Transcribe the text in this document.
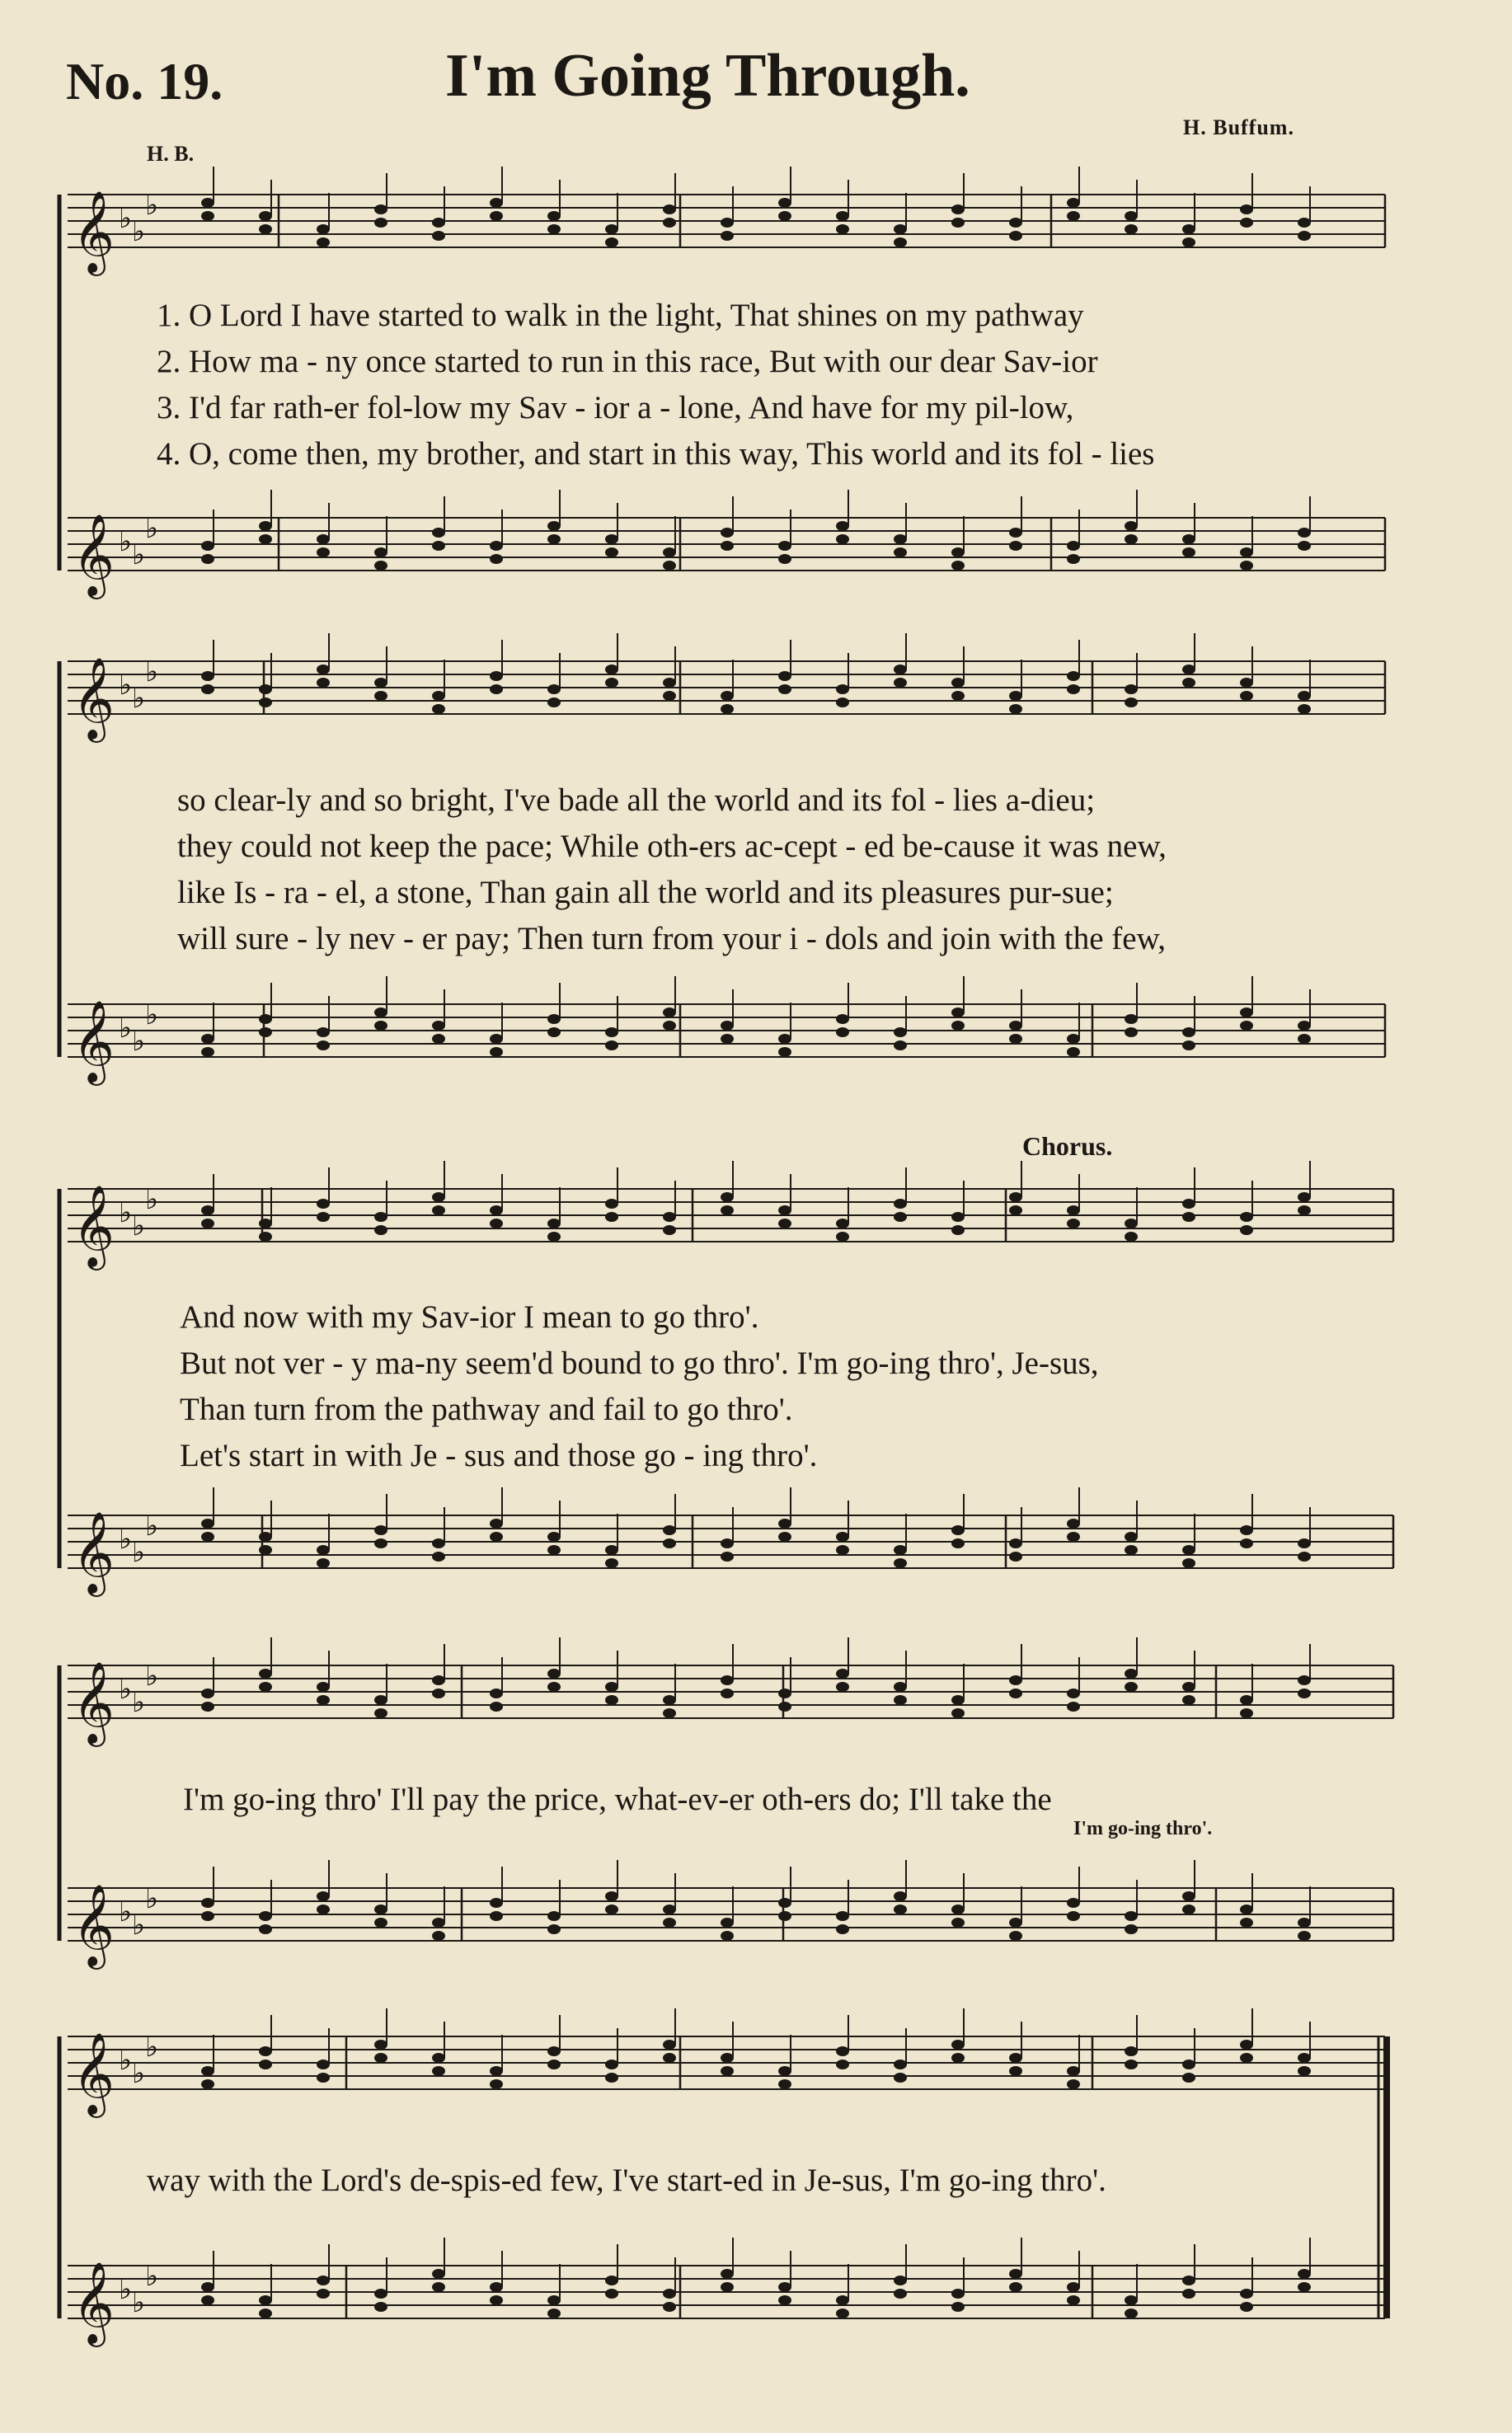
No. 19.	I'm Going Through.
H. Buffum.
H. B.
𝄞 ♭ ♭
♭
𝄞 ♭ ♭
♭
𝄞 ♭ ♭
♭
𝄞 ♭ ♭
♭
𝄞 ♭ ♭
♭
𝄞 ♭ ♭
♭
𝄞 ♭ ♭
♭
𝄞 ♭ ♭
♭
𝄞 ♭ ♭
♭
𝄞 ♭ ♭
♭
1. O Lord I have started to walk in the light, That shines on my pathway
2. How ma - ny once started to run in this race, But with our dear Sav-ior
3. I'd far rath-er fol-low my Sav - ior a - lone, And have for my pil-low,
4. O, come then, my brother, and start in this way, This world and its fol - lies
so clear-ly and so bright, I've bade all the world and its fol - lies a-dieu;
they could not keep the pace; While oth-ers ac-cept - ed be-cause it was new,
like Is - ra - el, a stone, Than gain all the world and its pleasures pur-sue;
will sure - ly nev - er pay; Then turn from your i - dols and join with the few,
Chorus.
And now with my Sav-ior I mean to go thro'.
But not ver - y ma-ny seem'd bound to go thro'. I'm go-ing thro', Je-sus,
Than turn from the pathway and fail to go thro'.
Let's start in with Je - sus and those go - ing thro'.
I'm go-ing thro' I'll pay the price, what-ev-er oth-ers do; I'll take the
I'm go-ing thro'.
way with the Lord's de-spis-ed few, I've start-ed in Je-sus, I'm go-ing thro'.
